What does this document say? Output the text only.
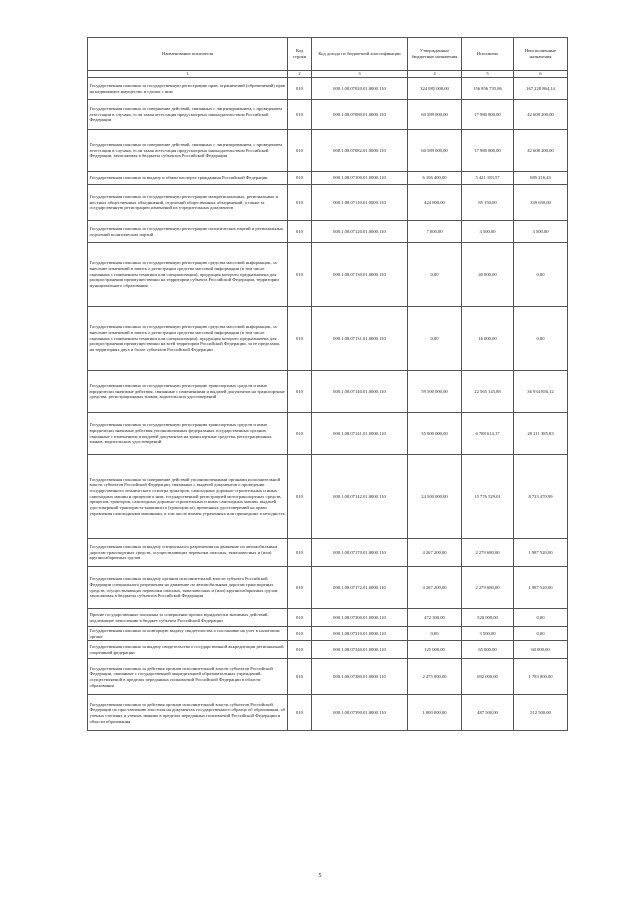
Наименование показателя	Код строки	Код дохода по бюджетной классификации	Утвержденные бюджетные назначения	Исполнено	Неисполненные назначения
1	2	3	4	5	6
Государственная пошлина за государственную регистрацию прав, ограничений (обременений) прав на недвижимое имущество и сделок с ним	010	000.1.08.07020.01.0000.110	324 085 000,00	156 856 735,86	167 228 864,14
Государственная пошлина за совершение действий, связанных с лицензированием, с проведением аттестации в случаях, если такая аттестация предусмотрена законодательством Российской Федерации	010	000.1.08.07080.01.0000.110	60 589 000,00	17 980 800,00	42 608 200,00
Государственная пошлина за совершение действий, связанных с лицензированием, с проведением аттестации в случаях, если такая аттестация предусмотрена законодательством Российской Федерации, зачисляемая в бюджеты субъектов Российской Федерации	010	000.1.08.07082.01.0000.110	60 589 000,00	17 980 800,00	42 608 200,00
Государственная пошлина за выдачу и обмен паспорта гражданина Российской Федерации	010	000.1.08.07100.01.0000.110	6 106 400,00	5 421 183,57	685 216,43
Государственная пошлина за государственную регистрацию межрегиональных, региональных и местных общественных объединений, отделений общественных объединений, а также за государственную регистрацию изменений их учредительных документов	010	000.1.08.07110.01.0000.110	424 800,00	85 150,00	339 650,00
Государственная пошлина за государственную регистрацию политических партий и региональных отделений политических партий	010	000.1.08.07120.01.0000.110	7 000,00	3 500,00	3 500,00
Государственная пошлина за государственную регистрацию средства массовой информации, за внесение изменений в запись о регистрации средства массовой информации (в том числе связанных с изменением тематики или специализации), продукция которого предназначена для распространения преимущественно на территории субъекта Российской Федерации, территории муниципального образования	010	000.1.08.07130.01.0000.110	0,00	40 000,00	0,00
Государственная пошлина за государственную регистрацию средства массовой информации, за внесение изменений в запись о регистрации средства массовой информации (в том числе связанных с изменением тематики или специализации), продукция которого предназначена для распространения преимущественно на всей территории Российской Федерации, за ее пределами, на территориях двух и более субъектов Российской Федерации	010	000.1.08.07131.01.0000.110	0,00	16 000,00	0,00
Государственная пошлина за государственную регистрацию транспортных средств и иные юридически значимые действия, связанные с изменениями и выдачей документов на транспортные средства, регистрационных знаков, водительских удостоверений	010	000.1.08.07140.01.0000.110	59 500 000,00	22 565 143,88	36 934 856,12
Государственная пошлина за государственную регистрацию транспортных средств и иные юридически значимые действия уполномоченных федеральных государственных органов, связанные с изменением и выдачей документов на транспортные средства, регистрационных знаков, водительских удостоверений	010	000.1.08.07141.01.0000.110	35 000 000,00	6 788 614,17	28 211 385,83
Государственная пошлина за совершение действий уполномоченными органами исполнительной власти субъектов Российской Федерации, связанных с выдачей документов о проведении государственного технического осмотра тракторов, самоходных дорожно-строительных и иных самоходных машин и прицепов к ним, государственной регистрацией мототранспортных средств, прицепов, тракторов, самоходных дорожно-строительных и иных самоходных машин, выдачей удостоверений тракториста-машиниста (тракториста), временных удостоверений на право управления самоходными машинами, в том числе взамен утраченных или пришедших в негодность	010	000.1.08.07142.01.0000.110	24 500 000,00	15 776 529,01	8 723 470,99
Государственная пошлина за выдачу специального разрешения на движение по автомобильным дорогам транспортных средств, осуществляющих перевозки опасных, тяжеловесных и (или) крупногабаритных грузов	010	000.1.08.07170.01.0000.110	4 267 200,00	2 279 680,00	1 987 520,00
Государственная пошлина за выдачу органом исполнительной власти субъекта Российской Федерации специального разрешения на движение по автомобильным дорогам транспортных средств, осуществляющих перевозки опасных, тяжеловесных и (или) крупногабаритных грузов, зачисляемая в бюджеты субъектов Российской Федерации	010	000.1.08.07172.01.0000.110	4 267 200,00	2 279 680,00	1 987 520,00
Прочие государственные пошлины за совершение прочих юридически значимых действий, подлежащие зачислению в бюджет субъекта Российской Федерации	010	000.1.08.07300.01.0000.110	472 300,00	520 000,00	0,00
Государственная пошлина за повторную выдачу свидетельства о постановке на учет в налоговом органе	010	000.1.08.07310.01.0000.110	0,00	3 500,00	0,00
Государственная пошлина за выдачу свидетельства о государственной аккредитации региональной спортивной федерации	010	000.1.08.07340.01.0000.110	125 000,00	65 000,00	60 000,00
Государственная пошлина за действия органов исполнительной власти субъектов Российской Федерации, связанные с государственной аккредитацией образовательных учреждений, осуществляемой в пределах переданных полномочий Российской Федерации в области образования	010	000.1.08.07380.01.0000.110	2 475 000,00	692 000,00	1 783 000,00
Государственная пошлина за действия органов исполнительной власти субъектов Российской Федерации по проставлению апостиля на документах государственного образца об образовании, об ученых степенях и ученых званиях в пределах переданных полномочий Российской Федерации в области образования	010	000.1.08.07390.01.0000.110	1 000 000,00	487 500,00	512 500,00
5
